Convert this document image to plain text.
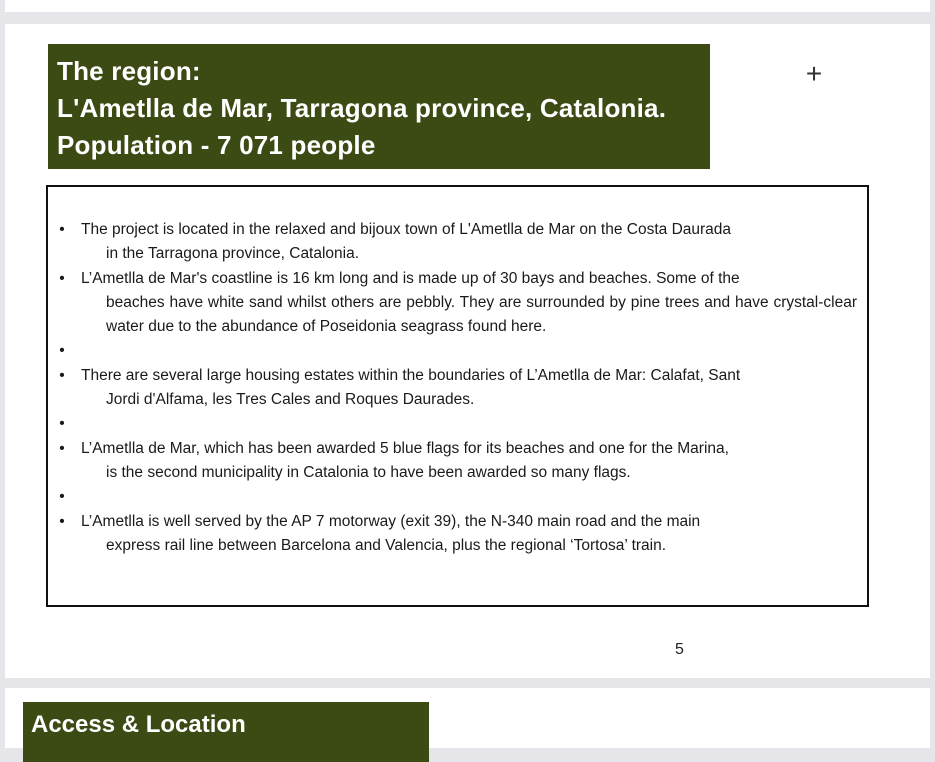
The region:
L'Ametlla de Mar, Tarragona province, Catalonia.
Population - 7 071 people
+
• The project is located in the relaxed and bijoux town of L'Ametlla de Mar on the Costa Daurada
in the Tarragona province, Catalonia.
• L’Ametlla de Mar's coastline is 16 km long and is made up of 30 bays and beaches. Some of the
beaches have white sand whilst others are pebbly. They are surrounded by pine trees and have crystal-clear water due to the abundance of Poseidonia seagrass found here.
•
• There are several large housing estates within the boundaries of L’Ametlla de Mar: Calafat, Sant
Jordi d'Alfama, les Tres Cales and Roques Daurades.
•
• L’Ametlla de Mar, which has been awarded 5 blue flags for its beaches and one for the Marina,
is the second municipality in Catalonia to have been awarded so many flags.
•
• L’Ametlla is well served by the AP 7 motorway (exit 39), the N-340 main road and the main
express rail line between Barcelona and Valencia, plus the regional ‘Tortosa’ train.
5
Access & Location
